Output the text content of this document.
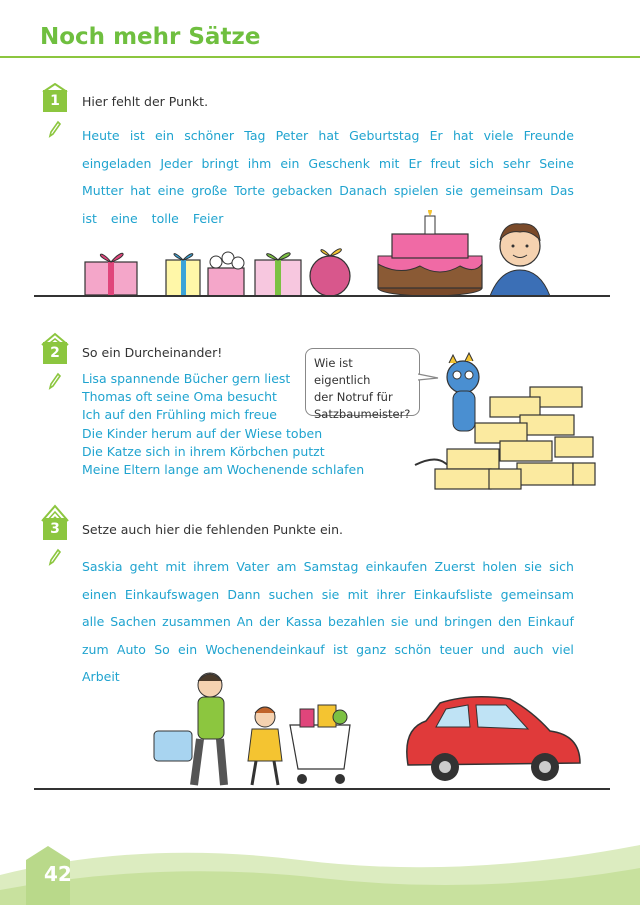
Noch mehr Sätze
1	Hier fehlt der Punkt.
Heute ist ein schöner Tag Peter hat Geburtstag Er hat viele Freunde
eingeladen Jeder bringt ihm ein Geschenk mit Er freut sich sehr Seine
Mutter hat eine große Torte gebacken Danach spielen sie gemeinsam Das
ist eine tolle Feier
2	So ein Durcheinander!
Lisa spannende Bücher gern liest
Thomas oft seine Oma besucht
Ich auf den Frühling mich freue
Die Kinder herum auf der Wiese toben
Die Katze sich in ihrem Körbchen putzt
Meine Eltern lange am Wochenende schlafen
Wie ist eigentlich
der Notruf für
Satzbaumeister?
3	Setze auch hier die fehlenden Punkte ein.
Saskia geht mit ihrem Vater am Samstag einkaufen Zuerst holen sie sich
einen Einkaufswagen Dann suchen sie mit ihrer Einkaufsliste gemeinsam
alle Sachen zusammen An der Kassa bezahlen sie und bringen den Einkauf
zum Auto So ein Wochenendeinkauf ist ganz schön teuer und auch viel
Arbeit
42
